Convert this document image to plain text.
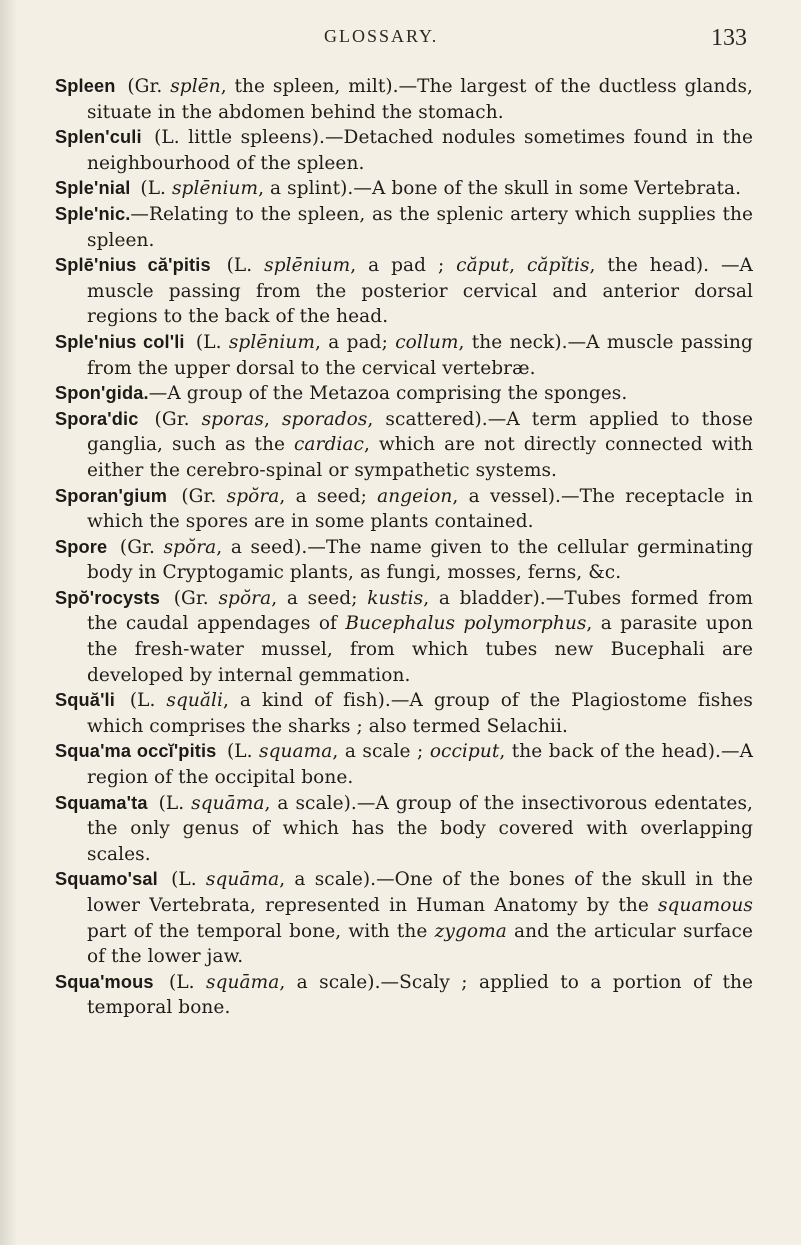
GLOSSARY.	133

Spleen (Gr. splēn, the spleen, milt).—The largest of the ductless glands, situate in the abdomen behind the stomach.

Splen'culi (L. little spleens).—Detached nodules sometimes found in the neighbourhood of the spleen.

Sple'nial (L. splēnium, a splint).—A bone of the skull in some Vertebrata.

Sple'nic.—Relating to the spleen, as the splenic artery which supplies the spleen.

Splē'nius că'pitis (L. splēnium, a pad ; căput, căpĭtis, the head). —A muscle passing from the posterior cervical and anterior dorsal regions to the back of the head.

Sple'nius col'li (L. splēnium, a pad; collum, the neck).—A muscle passing from the upper dorsal to the cervical vertebræ.

Spon'gida.—A group of the Metazoa comprising the sponges.

Spora'dic (Gr. sporas, sporados, scattered).—A term applied to those ganglia, such as the cardiac, which are not directly connected with either the cerebro-spinal or sympathetic systems.

Sporan'gium (Gr. spŏra, a seed; angeion, a vessel).—The receptacle in which the spores are in some plants contained.

Spore (Gr. spŏra, a seed).—The name given to the cellular germinating body in Cryptogamic plants, as fungi, mosses, ferns, &c.

Spŏ'rocysts (Gr. spŏra, a seed; kustis, a bladder).—Tubes formed from the caudal appendages of Bucephalus polymorphus, a parasite upon the fresh-water mussel, from which tubes new Bucephali are developed by internal gemmation.

Squă'li (L. squăli, a kind of fish).—A group of the Plagiostome fishes which comprises the sharks ; also termed Selachii.

Squa'ma occĭ'pitis (L. squama, a scale ; occiput, the back of the head).—A region of the occipital bone.

Squama'ta (L. squāma, a scale).—A group of the insectivorous edentates, the only genus of which has the body covered with overlapping scales.

Squamo'sal (L. squāma, a scale).—One of the bones of the skull in the lower Vertebrata, represented in Human Anatomy by the squamous part of the temporal bone, with the zygoma and the articular surface of the lower jaw.

Squa'mous (L. squāma, a scale).—Scaly ; applied to a portion of the temporal bone.
